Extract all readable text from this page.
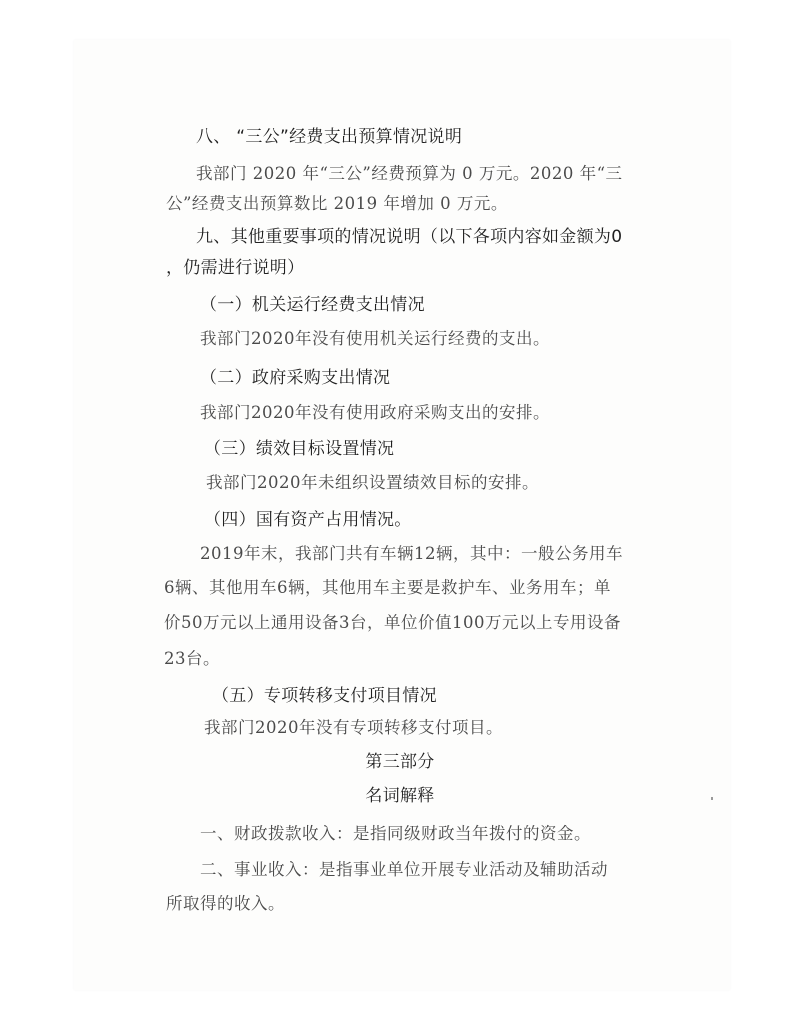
八、 “三公”经费支出预算情况说明
我部门 2020 年“三公”经费预算为 0 万元。2020 年“三
公”经费支出预算数比 2019 年增加 0 万元。
九、其他重要事项的情况说明（以下各项内容如金额为0
，仍需进行说明）
（一）机关运行经费支出情况
我部门2020年没有使用机关运行经费的支出。
（二）政府采购支出情况
我部门2020年没有使用政府采购支出的安排。
（三）绩效目标设置情况
我部门2020年未组织设置绩效目标的安排。
（四）国有资产占用情况。
2019年末，我部门共有车辆12辆，其中：一般公务用车
6辆、其他用车6辆，其他用车主要是救护车、业务用车；单
价50万元以上通用设备3台，单位价值100万元以上专用设备
23台。
（五）专项转移支付项目情况
我部门2020年没有专项转移支付项目。
第三部分
名词解释
一、财政拨款收入：是指同级财政当年拨付的资金。
二、事业收入：是指事业单位开展专业活动及辅助活动
所取得的收入。
